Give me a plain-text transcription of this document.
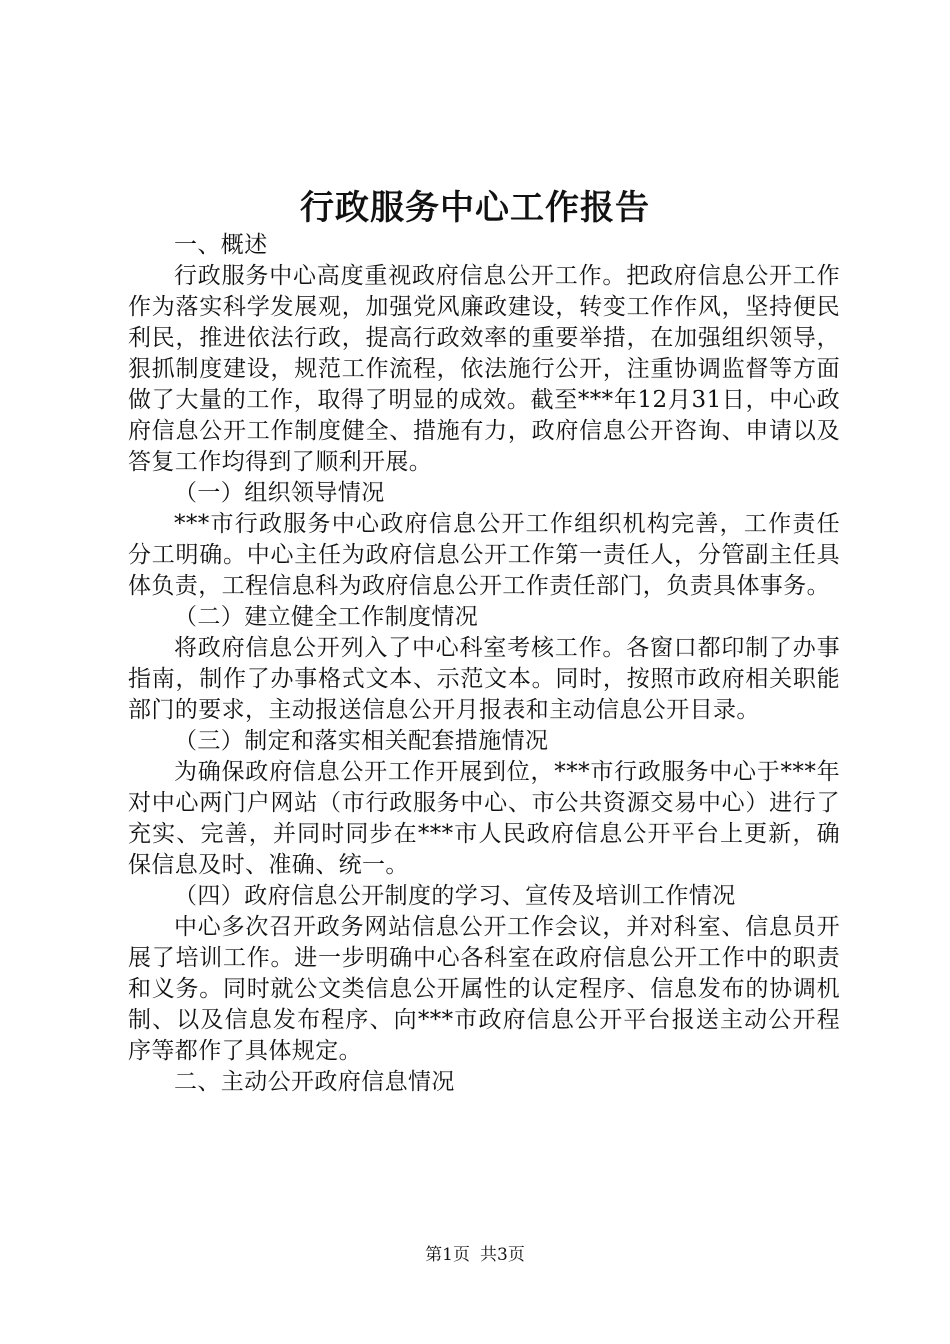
行政服务中心工作报告

一、概述

行政服务中心高度重视政府信息公开工作。把政府信息公开工作作为落实科学发展观，加强党风廉政建设，转变工作作风，坚持便民利民，推进依法行政，提高行政效率的重要举措，在加强组织领导，狠抓制度建设，规范工作流程，依法施行公开，注重协调监督等方面做了大量的工作，取得了明显的成效。截至***年12月31日，中心政府信息公开工作制度健全、措施有力，政府信息公开咨询、申请以及答复工作均得到了顺利开展。

（一）组织领导情况

***市行政服务中心政府信息公开工作组织机构完善，工作责任分工明确。中心主任为政府信息公开工作第一责任人，分管副主任具体负责，工程信息科为政府信息公开工作责任部门，负责具体事务。

（二）建立健全工作制度情况

将政府信息公开列入了中心科室考核工作。各窗口都印制了办事指南，制作了办事格式文本、示范文本。同时，按照市政府相关职能部门的要求，主动报送信息公开月报表和主动信息公开目录。

（三）制定和落实相关配套措施情况

为确保政府信息公开工作开展到位，***市行政服务中心于***年对中心两门户网站（市行政服务中心、市公共资源交易中心）进行了充实、完善，并同时同步在***市人民政府信息公开平台上更新，确保信息及时、准确、统一。

（四）政府信息公开制度的学习、宣传及培训工作情况

中心多次召开政务网站信息公开工作会议，并对科室、信息员开展了培训工作。进一步明确中心各科室在政府信息公开工作中的职责和义务。同时就公文类信息公开属性的认定程序、信息发布的协调机制、以及信息发布程序、向***市政府信息公开平台报送主动公开程序等都作了具体规定。

二、主动公开政府信息情况

第1页 共3页
